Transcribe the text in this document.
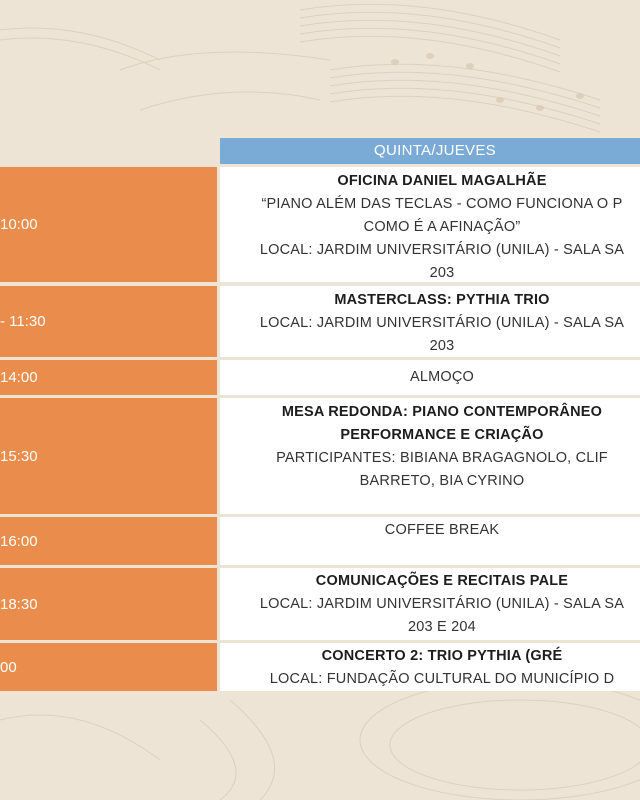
QUINTA/JUEVES
10:00
OFICINA DANIEL MAGALHÃE
“PIANO ALÉM DAS TECLAS - COMO FUNCIONA O P
COMO É A AFINAÇÃO”
LOCAL: JARDIM UNIVERSITÁRIO (UNILA) - SALA SA
203
- 11:30
MASTERCLASS: PYTHIA TRIO
LOCAL: JARDIM UNIVERSITÁRIO (UNILA) - SALA SA
203
14:00	ALMOÇO
15:30
MESA REDONDA: PIANO CONTEMPORÂNEO
PERFORMANCE E CRIAÇÃO
PARTICIPANTES: BIBIANA BRAGAGNOLO, CLIF
BARRETO, BIA CYRINO
16:00
COFFEE BREAK
18:30
COMUNICAÇÕES E RECITAIS PALE
LOCAL: JARDIM UNIVERSITÁRIO (UNILA) - SALA SA
203 E 204
00
CONCERTO 2: TRIO PYTHIA (GRÉ
LOCAL: FUNDAÇÃO CULTURAL DO MUNICÍPIO D
